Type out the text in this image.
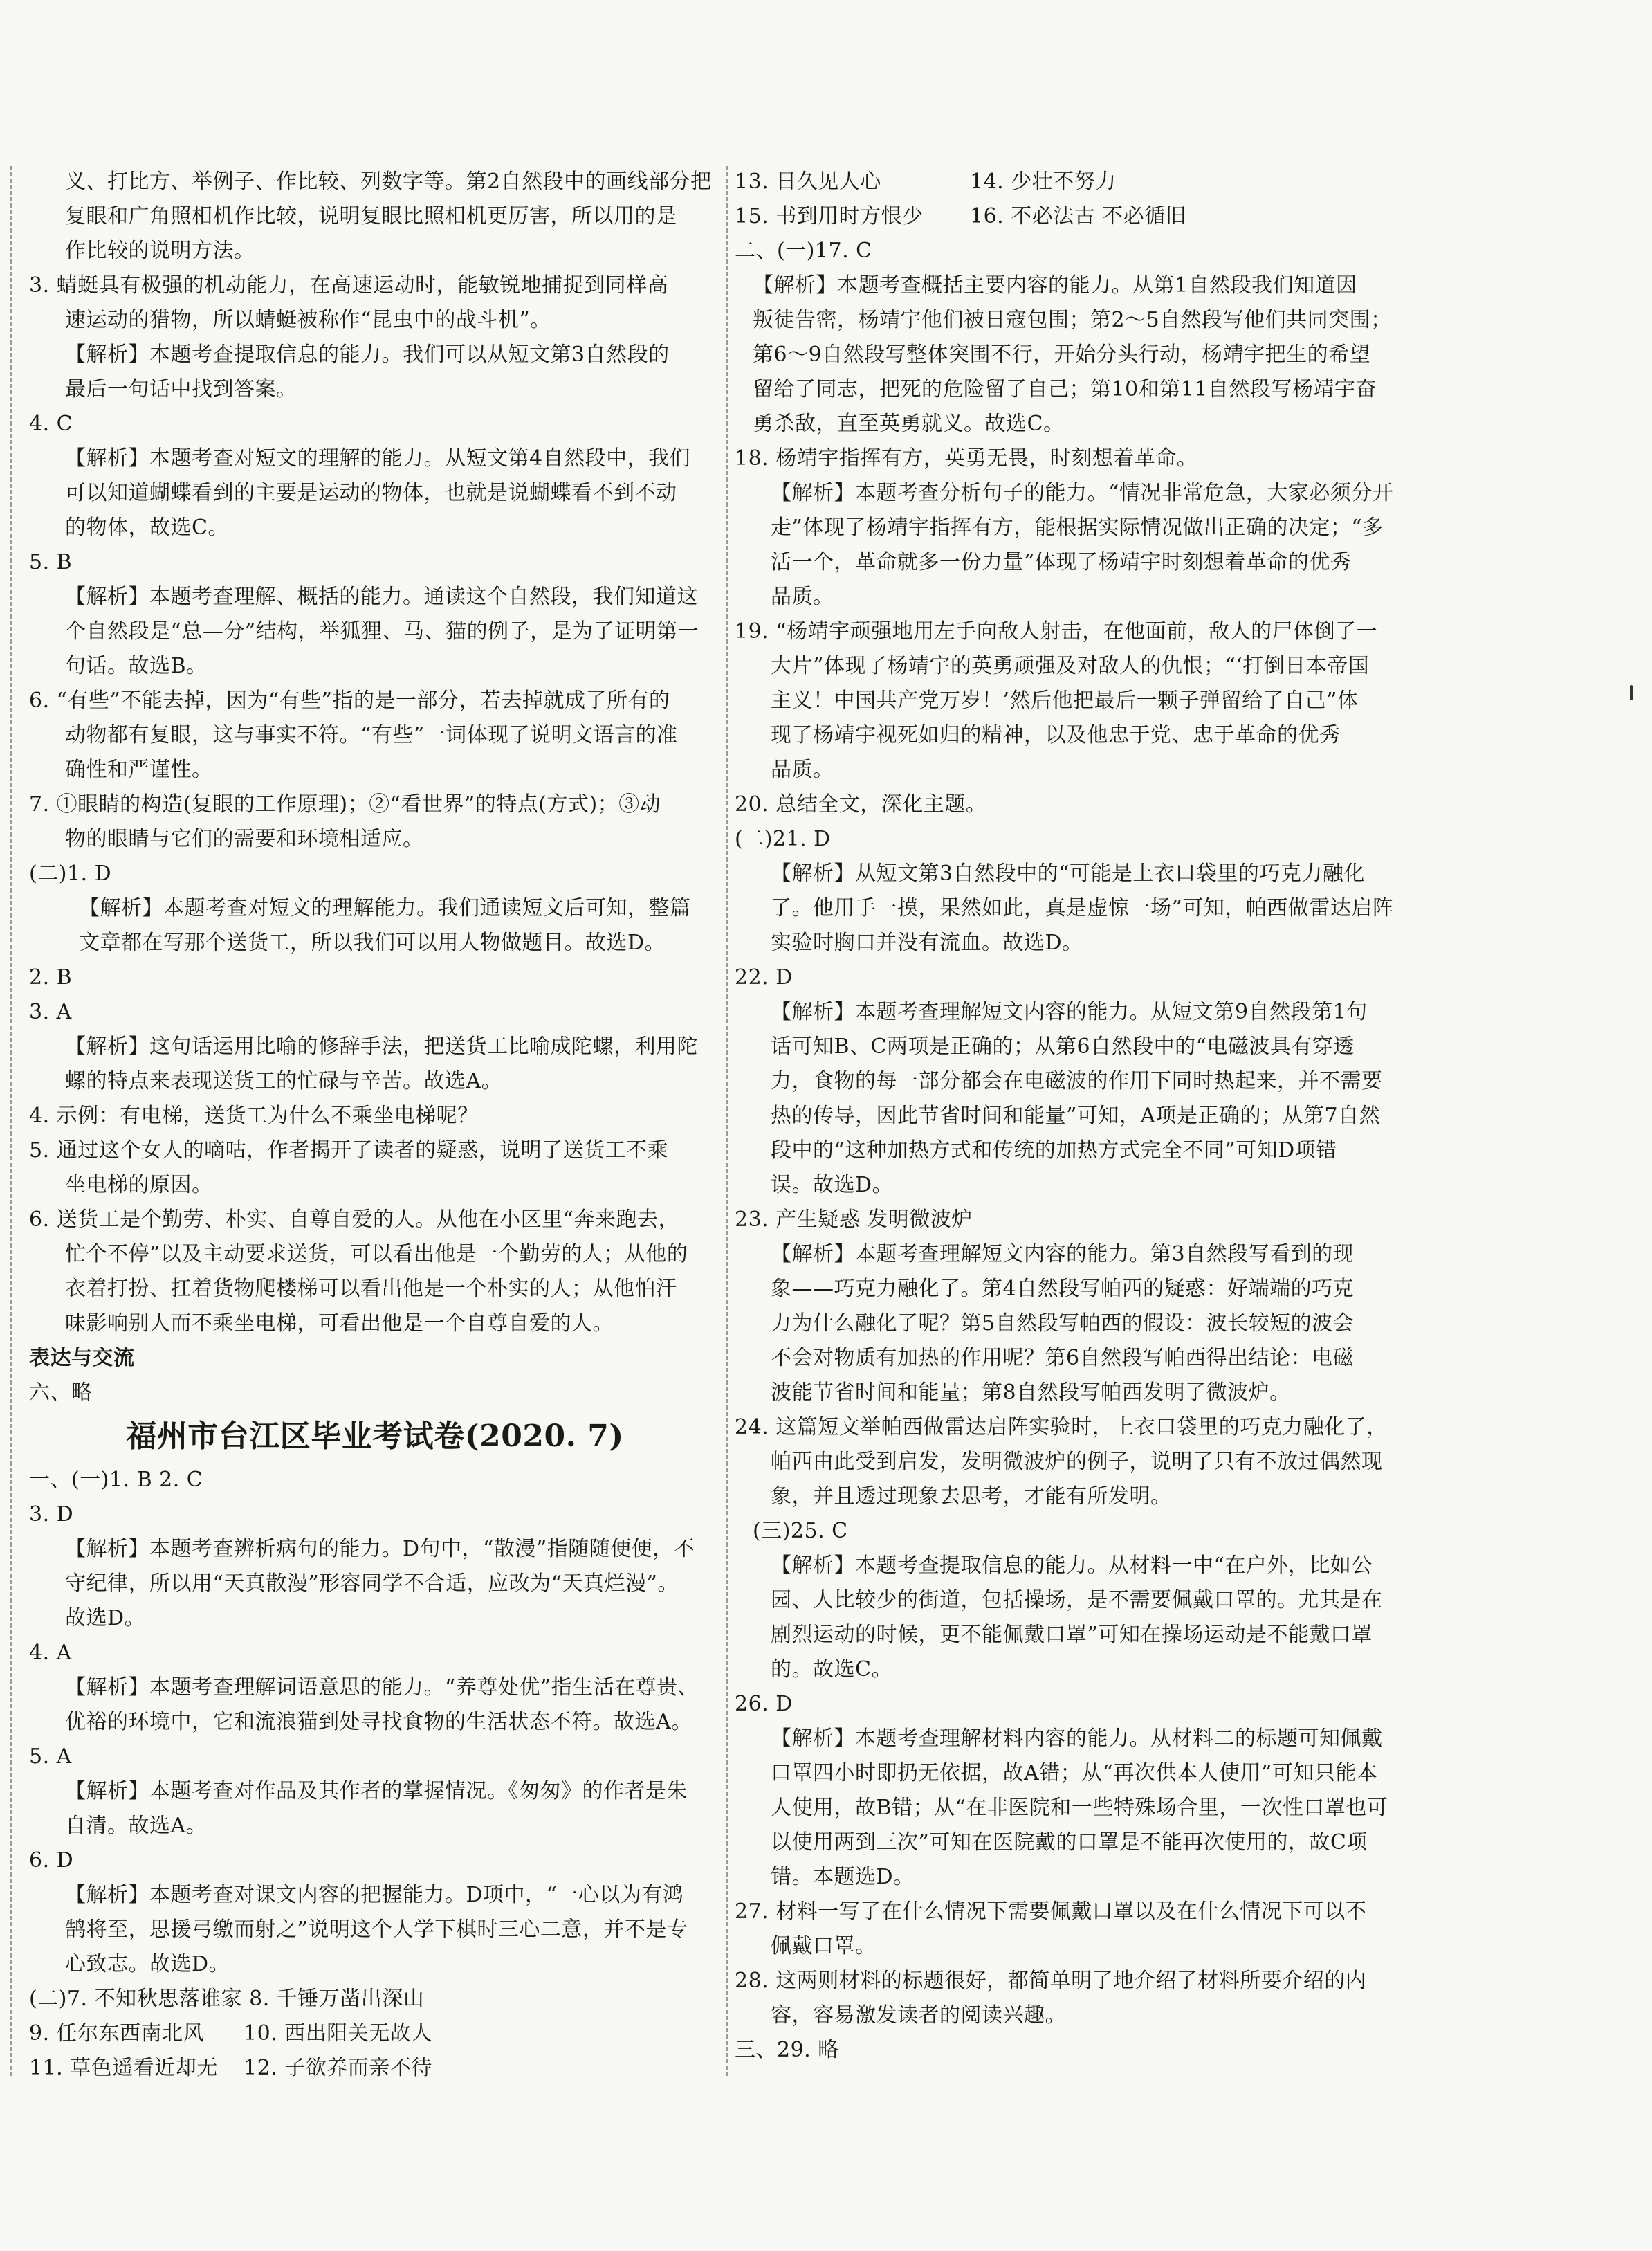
义、打比方、举例子、作比较、列数字等。第2自然段中的画线部分把
复眼和广角照相机作比较，说明复眼比照相机更厉害，所以用的是
作比较的说明方法。
3. 蜻蜓具有极强的机动能力，在高速运动时，能敏锐地捕捉到同样高
速运动的猎物，所以蜻蜓被称作“昆虫中的战斗机”。
【解析】本题考查提取信息的能力。我们可以从短文第3自然段的
最后一句话中找到答案。
4. C
【解析】本题考查对短文的理解的能力。从短文第4自然段中，我们
可以知道蝴蝶看到的主要是运动的物体，也就是说蝴蝶看不到不动
的物体，故选C。
5. B
【解析】本题考查理解、概括的能力。通读这个自然段，我们知道这
个自然段是“总—分”结构，举狐狸、马、猫的例子，是为了证明第一
句话。故选B。
6. “有些”不能去掉，因为“有些”指的是一部分，若去掉就成了所有的
动物都有复眼，这与事实不符。“有些”一词体现了说明文语言的准
确性和严谨性。
7. ①眼睛的构造(复眼的工作原理)；②“看世界”的特点(方式)；③动
物的眼睛与它们的需要和环境相适应。
(二)1. D
【解析】本题考查对短文的理解能力。我们通读短文后可知，整篇
文章都在写那个送货工，所以我们可以用人物做题目。故选D。
2. B
3. A
【解析】这句话运用比喻的修辞手法，把送货工比喻成陀螺，利用陀
螺的特点来表现送货工的忙碌与辛苦。故选A。
4. 示例：有电梯，送货工为什么不乘坐电梯呢？
5. 通过这个女人的嘀咕，作者揭开了读者的疑惑，说明了送货工不乘
坐电梯的原因。
6. 送货工是个勤劳、朴实、自尊自爱的人。从他在小区里“奔来跑去，
忙个不停”以及主动要求送货，可以看出他是一个勤劳的人；从他的
衣着打扮、扛着货物爬楼梯可以看出他是一个朴实的人；从他怕汗
味影响别人而不乘坐电梯，可看出他是一个自尊自爱的人。
表达与交流
六、略
福州市台江区毕业考试卷(2020. 7)
一、(一)1. B 2. C
3. D
【解析】本题考查辨析病句的能力。D句中，“散漫”指随随便便，不
守纪律，所以用“天真散漫”形容同学不合适，应改为“天真烂漫”。
故选D。
4. A
【解析】本题考查理解词语意思的能力。“养尊处优”指生活在尊贵、
优裕的环境中，它和流浪猫到处寻找食物的生活状态不符。故选A。
5. A
【解析】本题考查对作品及其作者的掌握情况。《匆匆》的作者是朱
自清。故选A。
6. D
【解析】本题考查对课文内容的把握能力。D项中，“一心以为有鸿
鹄将至，思援弓缴而射之”说明这个人学下棋时三心二意，并不是专
心致志。故选D。
(二)7. 不知秋思落谁家 8. 千锤万凿出深山
9. 任尔东西南北风	10. 西出阳关无故人
11. 草色遥看近却无	12. 子欲养而亲不待
13. 日久见人心	14. 少壮不努力
15. 书到用时方恨少	16. 不必法古 不必循旧
二、(一)17. C
【解析】本题考查概括主要内容的能力。从第1自然段我们知道因
叛徒告密，杨靖宇他们被日寇包围；第2～5自然段写他们共同突围；
第6～9自然段写整体突围不行，开始分头行动，杨靖宇把生的希望
留给了同志，把死的危险留了自己；第10和第11自然段写杨靖宇奋
勇杀敌，直至英勇就义。故选C。
18. 杨靖宇指挥有方，英勇无畏，时刻想着革命。
【解析】本题考查分析句子的能力。“情况非常危急，大家必须分开
走”体现了杨靖宇指挥有方，能根据实际情况做出正确的决定；“多
活一个，革命就多一份力量”体现了杨靖宇时刻想着革命的优秀
品质。
19. “杨靖宇顽强地用左手向敌人射击，在他面前，敌人的尸体倒了一
大片”体现了杨靖宇的英勇顽强及对敌人的仇恨；“‘打倒日本帝国
主义！中国共产党万岁！’然后他把最后一颗子弹留给了自己”体
现了杨靖宇视死如归的精神，以及他忠于党、忠于革命的优秀
品质。
20. 总结全文，深化主题。
(二)21. D
【解析】从短文第3自然段中的“可能是上衣口袋里的巧克力融化
了。他用手一摸，果然如此，真是虚惊一场”可知，帕西做雷达启阵
实验时胸口并没有流血。故选D。
22. D
【解析】本题考查理解短文内容的能力。从短文第9自然段第1句
话可知B、C两项是正确的；从第6自然段中的“电磁波具有穿透
力，食物的每一部分都会在电磁波的作用下同时热起来，并不需要
热的传导，因此节省时间和能量”可知，A项是正确的；从第7自然
段中的“这种加热方式和传统的加热方式完全不同”可知D项错
误。故选D。
23. 产生疑惑 发明微波炉
【解析】本题考查理解短文内容的能力。第3自然段写看到的现
象——巧克力融化了。第4自然段写帕西的疑惑：好端端的巧克
力为什么融化了呢？第5自然段写帕西的假设：波长较短的波会
不会对物质有加热的作用呢？第6自然段写帕西得出结论：电磁
波能节省时间和能量；第8自然段写帕西发明了微波炉。
24. 这篇短文举帕西做雷达启阵实验时，上衣口袋里的巧克力融化了，
帕西由此受到启发，发明微波炉的例子，说明了只有不放过偶然现
象，并且透过现象去思考，才能有所发明。
(三)25. C
【解析】本题考查提取信息的能力。从材料一中“在户外，比如公
园、人比较少的街道，包括操场，是不需要佩戴口罩的。尤其是在
剧烈运动的时候，更不能佩戴口罩”可知在操场运动是不能戴口罩
的。故选C。
26. D
【解析】本题考查理解材料内容的能力。从材料二的标题可知佩戴
口罩四小时即扔无依据，故A错；从“再次供本人使用”可知只能本
人使用，故B错；从“在非医院和一些特殊场合里，一次性口罩也可
以使用两到三次”可知在医院戴的口罩是不能再次使用的，故C项
错。本题选D。
27. 材料一写了在什么情况下需要佩戴口罩以及在什么情况下可以不
佩戴口罩。
28. 这两则材料的标题很好，都简单明了地介绍了材料所要介绍的内
容，容易激发读者的阅读兴趣。
三、29. 略
